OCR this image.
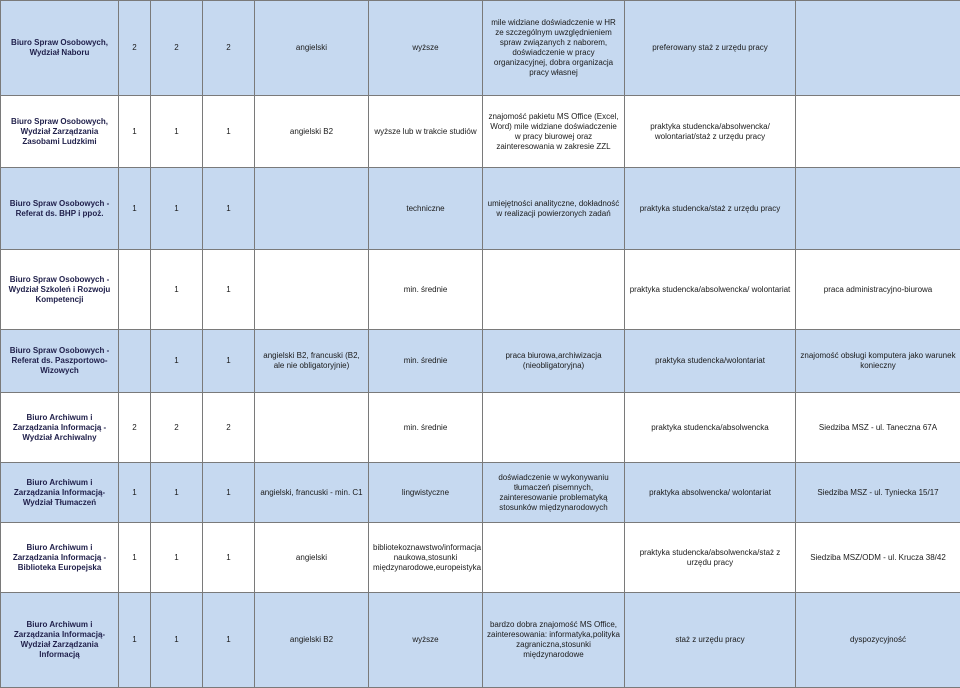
Biuro Spraw Osobowych, Wydział Naboru	2	2	2	angielski	wyższe	mile widziane doświadczenie w HR ze szczególnym uwzględnieniem spraw związanych z naborem, doświadczenie w pracy organizacyjnej, dobra organizacja pracy własnej	preferowany staż z urzędu pracy	
Biuro Spraw Osobowych, Wydział Zarządzania Zasobami Ludzkimi	1	1	1	angielski B2	wyższe lub w trakcie studiów	znajomość pakietu MS Office (Excel, Word) mile widziane doświadczenie w pracy biurowej oraz zainteresowania w zakresie ZZL	praktyka studencka/absolwencka/ wolontariat/staż z urzędu pracy	
Biuro Spraw Osobowych - Referat ds. BHP i ppoż.	1	1	1		techniczne	umiejętności analityczne, dokładność w realizacji powierzonych zadań	praktyka studencka/staż z urzędu pracy	
Biuro Spraw Osobowych - Wydział Szkoleń i Rozwoju Kompetencji		1	1		min. średnie		praktyka studencka/absolwencka/ wolontariat	praca administracyjno-biurowa
Biuro Spraw Osobowych - Referat ds. Paszportowo-Wizowych		1	1	angielski B2, francuski (B2, ale nie obligatoryjnie)	min. średnie	praca biurowa,archiwizacja (nieobligatoryjna)	praktyka studencka/wolontariat	znajomość obsługi komputera jako warunek konieczny
Biuro Archiwum i Zarządzania Informacją - Wydział Archiwalny	2	2	2		min. średnie		praktyka studencka/absolwencka	Siedziba MSZ - ul. Taneczna 67A
Biuro Archiwum i Zarządzania Informacją- Wydział Tłumaczeń	1	1	1	angielski, francuski - min. C1	lingwistyczne	doświadczenie w wykonywaniu tłumaczeń pisemnych, zainteresowanie problematyką stosunków międzynarodowych	praktyka absolwencka/ wolontariat	Siedziba MSZ - ul. Tyniecka 15/17
Biuro Archiwum i Zarządzania Informacją - Biblioteka Europejska	1	1	1	angielski	bibliotekoznawstwo/informacja naukowa,stosunki międzynarodowe,europeistyka		praktyka studencka/absolwencka/staż z urzędu pracy	Siedziba MSZ/ODM - ul. Krucza 38/42
Biuro Archiwum i Zarządzania Informacją- Wydział Zarządzania Informacją	1	1	1	angielski B2	wyższe	bardzo dobra znajomość MS Office, zainteresowania: informatyka,polityka zagraniczna,stosunki międzynarodowe	staż z urzędu pracy	dyspozycyjność
